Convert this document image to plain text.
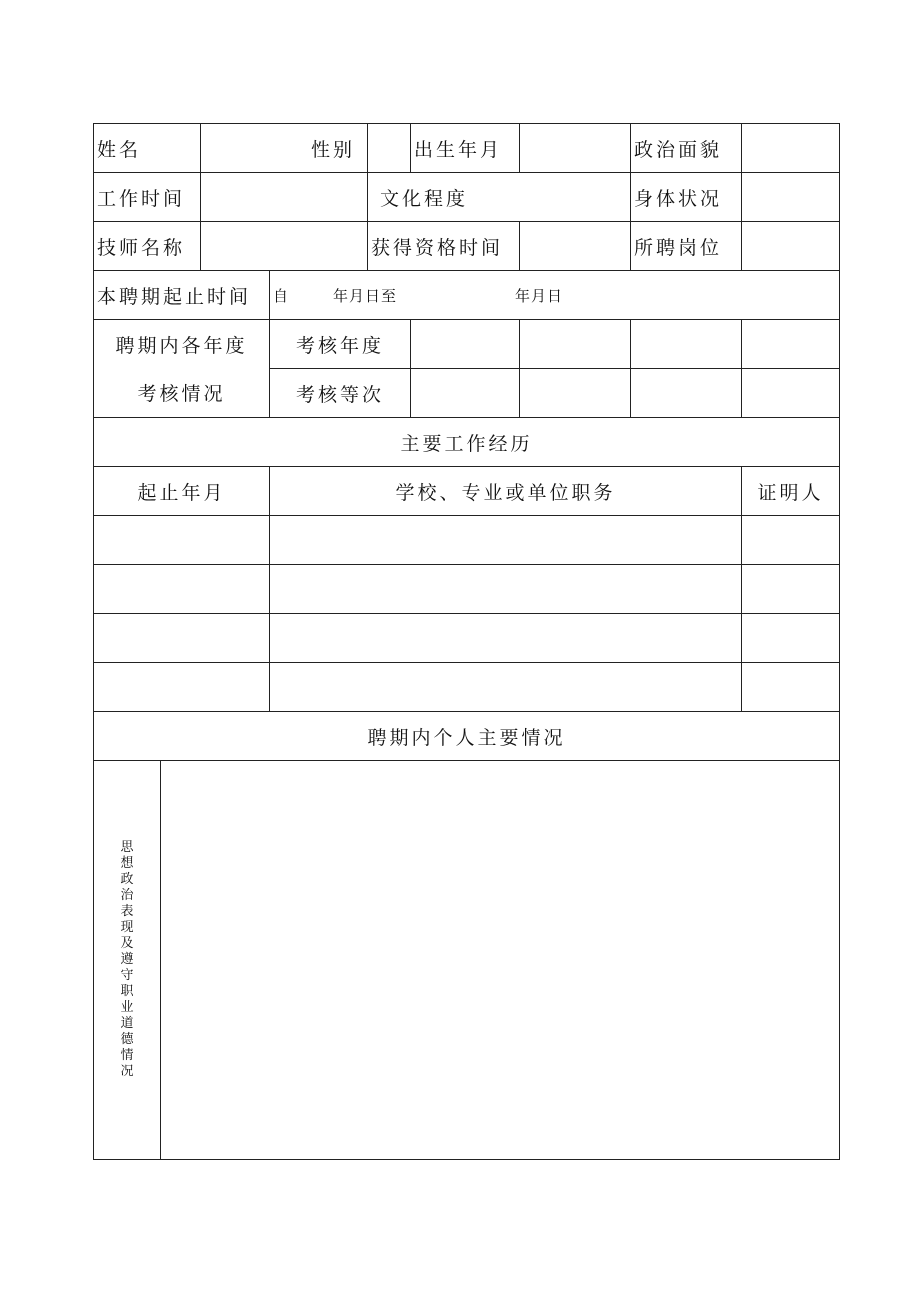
姓名		性别			出生年月		政治面貌	
工作时间				文化程度			身体状况	
技师名称				获得资格时间			所聘岗位	
本聘期起止时间			自 年月日至 年月日					
聘期内各年度			考核年度					
考核情况			考核等次					
主要工作经历								
起止年月			学校、专业或单位职务					证明人

聘期内个人主要情况								
思想政治表现及遵守职业道德情况								
